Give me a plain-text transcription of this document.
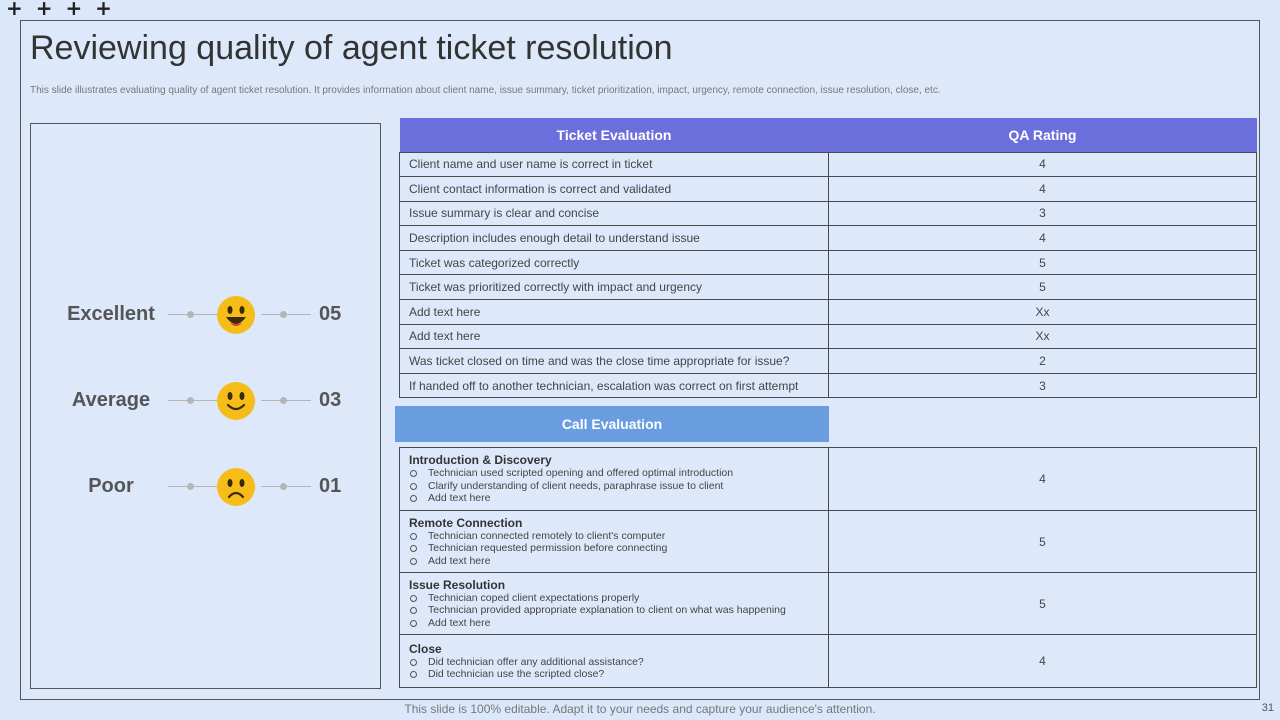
+ + + +
Reviewing quality of agent ticket resolution

This slide illustrates evaluating quality of agent ticket resolution. It provides information about client name, issue summary, ticket prioritization, impact, urgency, remote connection, issue resolution, close, etc.

Excellent	05
Average	03
Poor	01
Ticket Evaluation	QA Rating
Client name and user name is correct in ticket	4
Client contact information is correct and validated	4
Issue summary is clear and concise	3
Description includes enough detail to understand issue	4
Ticket was categorized correctly	5
Ticket was prioritized correctly with impact and urgency	5
Add text here	Xx
Add text here	Xx
Was ticket closed on time and was the close time appropriate for issue?	2
If handed off to another technician, escalation was correct on first attempt	3
Call Evaluation
Introduction & Discovery
Technician used scripted opening and offered optimal introduction
Clarify understanding of client needs, paraphrase issue to client
Add text here	4

Remote Connection
Technician connected remotely to client's computer
Technician requested permission before connecting
Add text here	5

Issue Resolution
Technician coped client expectations properly
Technician provided appropriate explanation to client on what was happening
Add text here	5

Close
Did technician offer any additional assistance?
Did technician use the scripted close?	4
This slide is 100% editable. Adapt it to your needs and capture your audience's attention.	31
